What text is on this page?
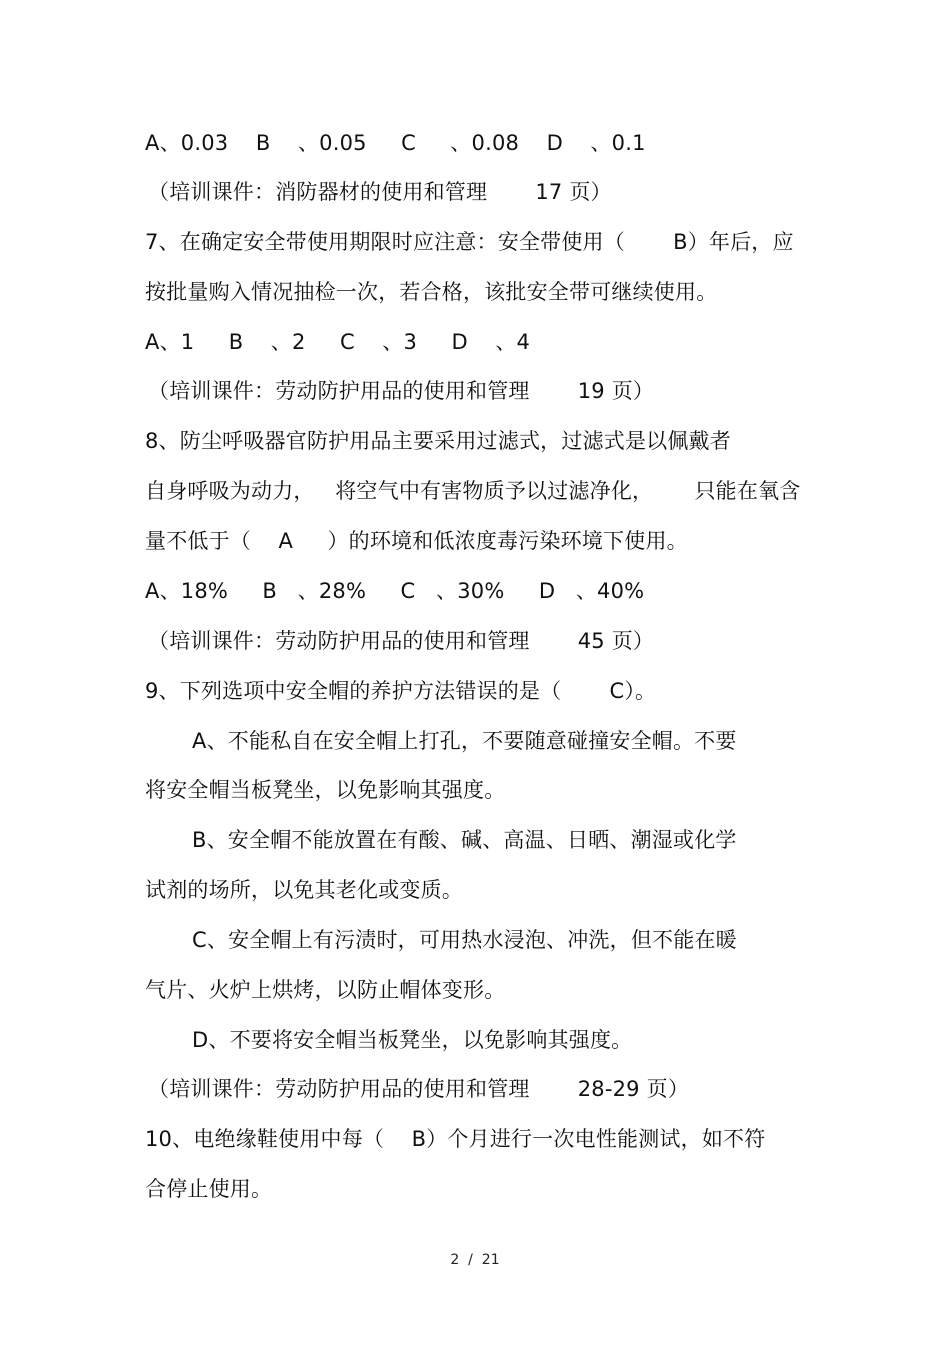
A、0.03    B    、0.05     C     、0.08    D    、0.1
（培训课件：消防器材的使用和管理       17 页）
7、在确定安全带使用期限时应注意：安全带使用（       B）年后，应
按批量购入情况抽检一次，若合格，该批安全带可继续使用。
A、1     B    、2     C    、3     D    、4
（培训课件：劳动防护用品的使用和管理       19 页）
8、防尘呼吸器官防护用品主要采用过滤式，过滤式是以佩戴者
自身呼吸为动力，   将空气中有害物质予以过滤净化，      只能在氧含
量不低于（    A     ）的环境和低浓度毒污染环境下使用。
A、18%     B   、28%     C   、30%     D   、40%
（培训课件：劳动防护用品的使用和管理       45 页）
9、下列选项中安全帽的养护方法错误的是（       C）。
A、不能私自在安全帽上打孔，不要随意碰撞安全帽。不要
将安全帽当板凳坐，以免影响其强度。
B、安全帽不能放置在有酸、碱、高温、日晒、潮湿或化学
试剂的场所，以免其老化或变质。
C、安全帽上有污渍时，可用热水浸泡、冲洗，但不能在暖
气片、火炉上烘烤，以防止帽体变形。
D、不要将安全帽当板凳坐，以免影响其强度。
（培训课件：劳动防护用品的使用和管理       28-29 页）
10、电绝缘鞋使用中每（    B）个月进行一次电性能测试，如不符
合停止使用。
2  /  21
